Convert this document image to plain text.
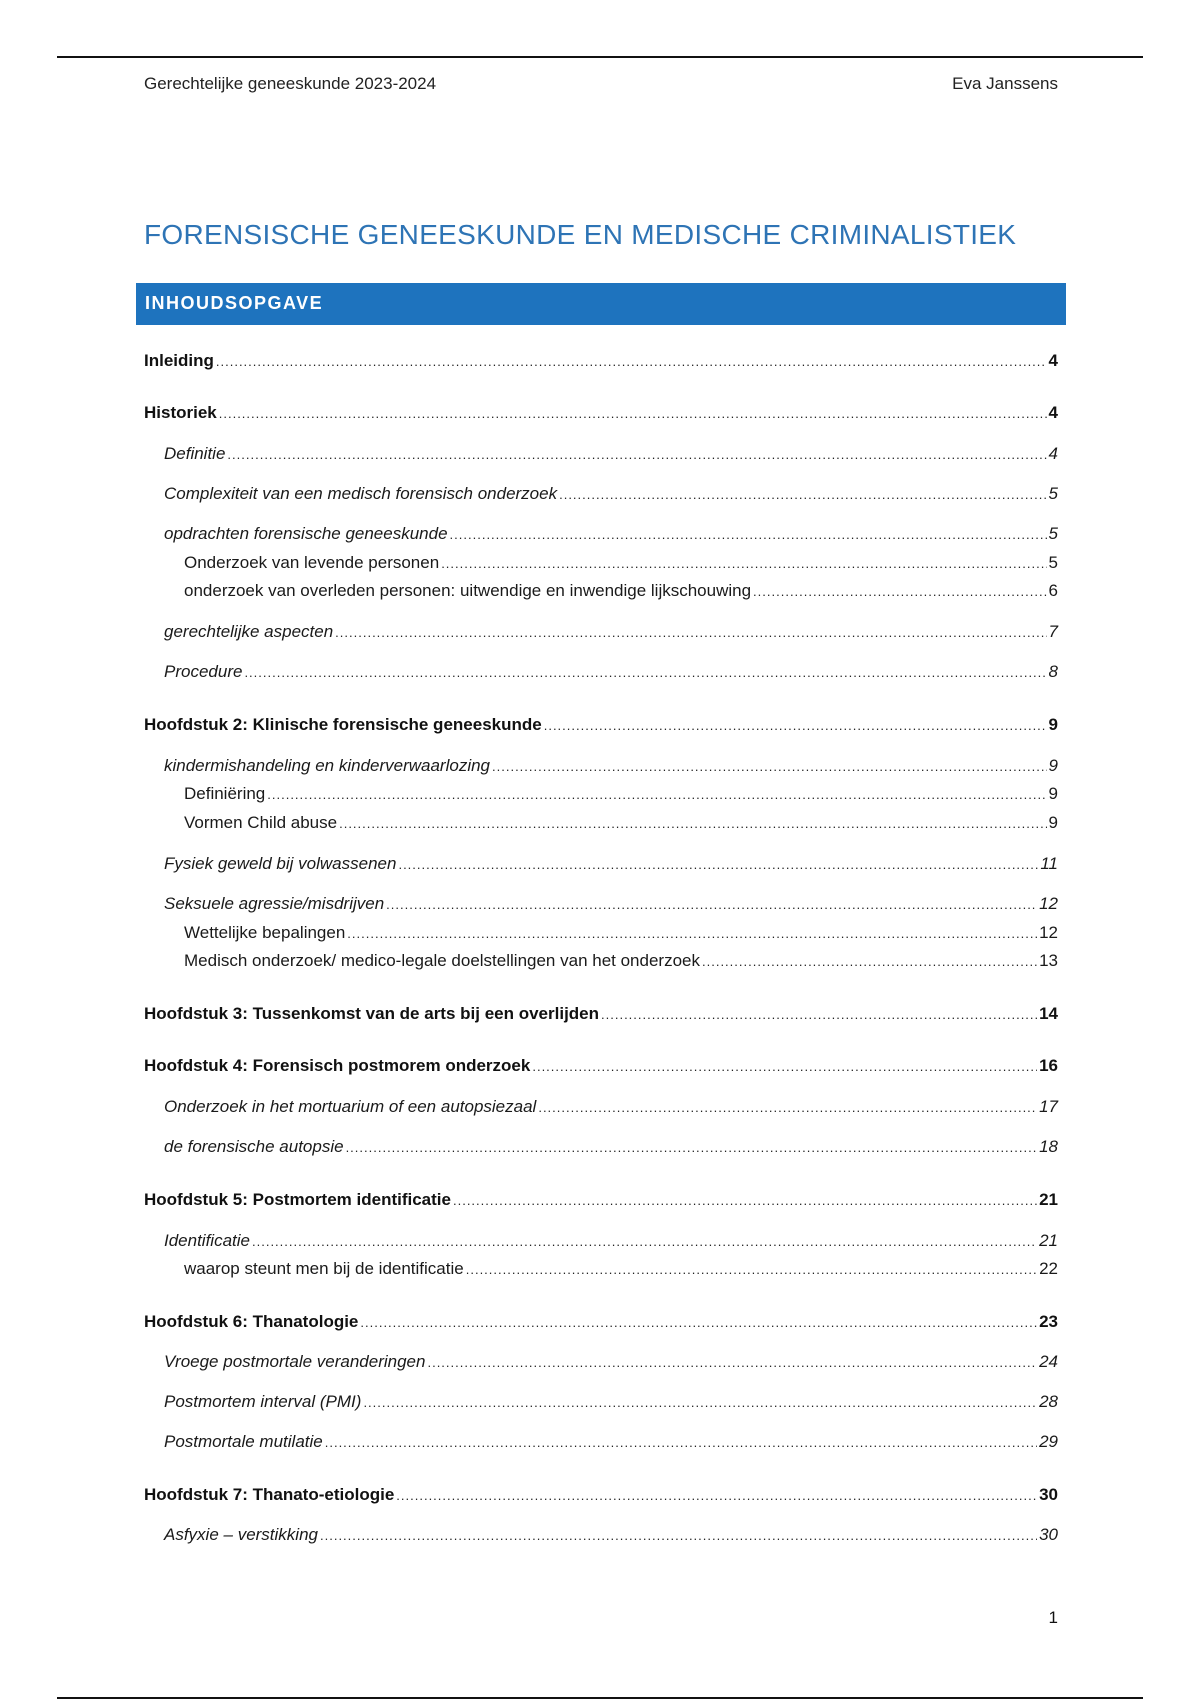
Gerechtelijke geneeskunde 2023-2024	Eva Janssens
FORENSISCHE GENEESKUNDE EN MEDISCHE CRIMINALISTIEK
INHOUDSOPGAVE
Inleiding .....	4
Historiek .....	4
Definitie .....	4
Complexiteit van een medisch forensisch onderzoek .....	5
opdrachten forensische geneeskunde .....	5
Onderzoek van levende personen .....	5
onderzoek van overleden personen: uitwendige en inwendige lijkschouwing .....	6
gerechtelijke aspecten .....	7
Procedure .....	8
Hoofdstuk 2: Klinische forensische geneeskunde .....	9
kindermishandeling en kinderverwaarlozing .....	9
Definiëring .....	9
Vormen Child abuse .....	9
Fysiek geweld bij volwassenen .....	11
Seksuele agressie/misdrijven .....	12
Wettelijke bepalingen .....	12
Medisch onderzoek/ medico-legale doelstellingen van het onderzoek .....	13
Hoofdstuk 3: Tussenkomst van de arts bij een overlijden .....	14
Hoofdstuk 4: Forensisch postmorem onderzoek .....	16
Onderzoek in het mortuarium of een autopsiezaal .....	17
de forensische autopsie .....	18
Hoofdstuk 5: Postmortem identificatie .....	21
Identificatie .....	21
waarop steunt men bij de identificatie .....	22
Hoofdstuk 6: Thanatologie .....	23
Vroege postmortale veranderingen .....	24
Postmortem interval (PMI) .....	28
Postmortale mutilatie .....	29
Hoofdstuk 7: Thanato-etiologie .....	30
Asfyxie – verstikking .....	30
1
